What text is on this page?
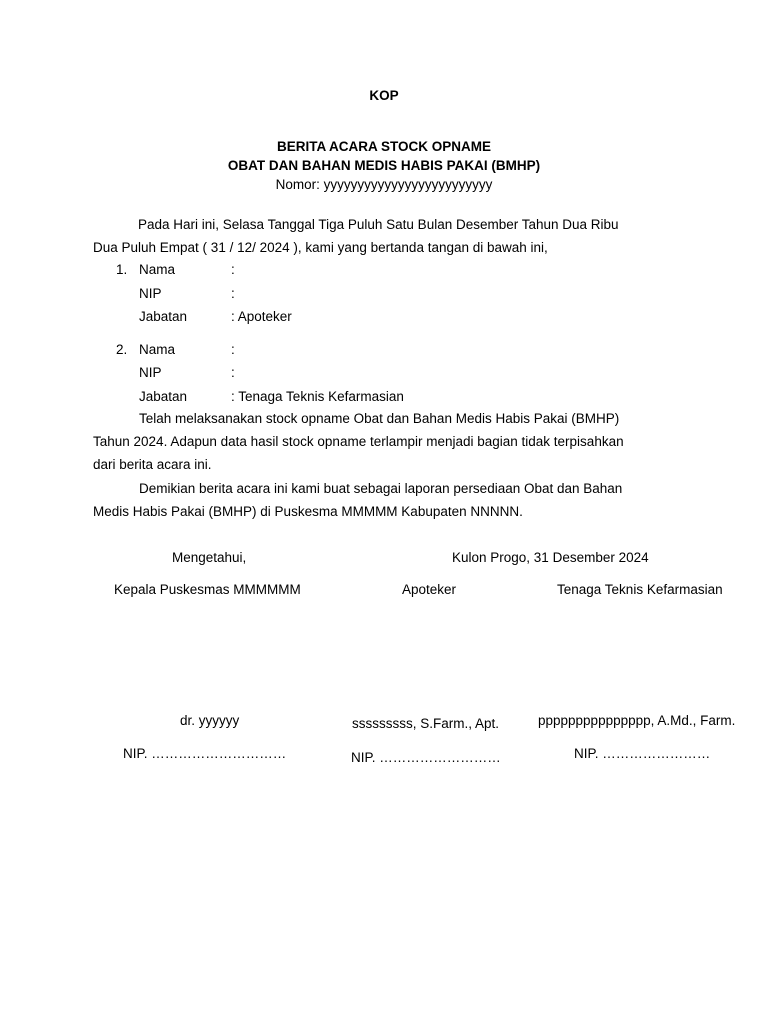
KOP
BERITA ACARA STOCK OPNAME
OBAT DAN BAHAN MEDIS HABIS PAKAI (BMHP)
Nomor: yyyyyyyyyyyyyyyyyyyyyyyyy
Pada Hari ini, Selasa Tanggal Tiga Puluh Satu Bulan Desember Tahun Dua Ribu
Dua Puluh Empat ( 31 / 12/ 2024 ), kami yang bertanda tangan di bawah ini,
1. Nama	:
NIP	:
Jabatan	: Apoteker
2. Nama	:
NIP	:
Jabatan	: Tenaga Teknis Kefarmasian
Telah melaksanakan stock opname Obat dan Bahan Medis Habis Pakai (BMHP)
Tahun 2024. Adapun data hasil stock opname terlampir menjadi bagian tidak terpisahkan
dari berita acara ini.
Demikian berita acara ini kami buat sebagai laporan persediaan Obat dan Bahan
Medis Habis Pakai (BMHP) di Puskesma MMMMM Kabupaten NNNNN.
Mengetahui,	Kulon Progo, 31 Desember 2024
Kepala Puskesmas MMMMMM	Apoteker	Tenaga Teknis Kefarmasian
dr. yyyyyy	sssssssss, S.Farm., Apt.	ppppppppppppppp, A.Md., Farm.
NIP. …………………………	NIP. ………………………	NIP. ……………………
